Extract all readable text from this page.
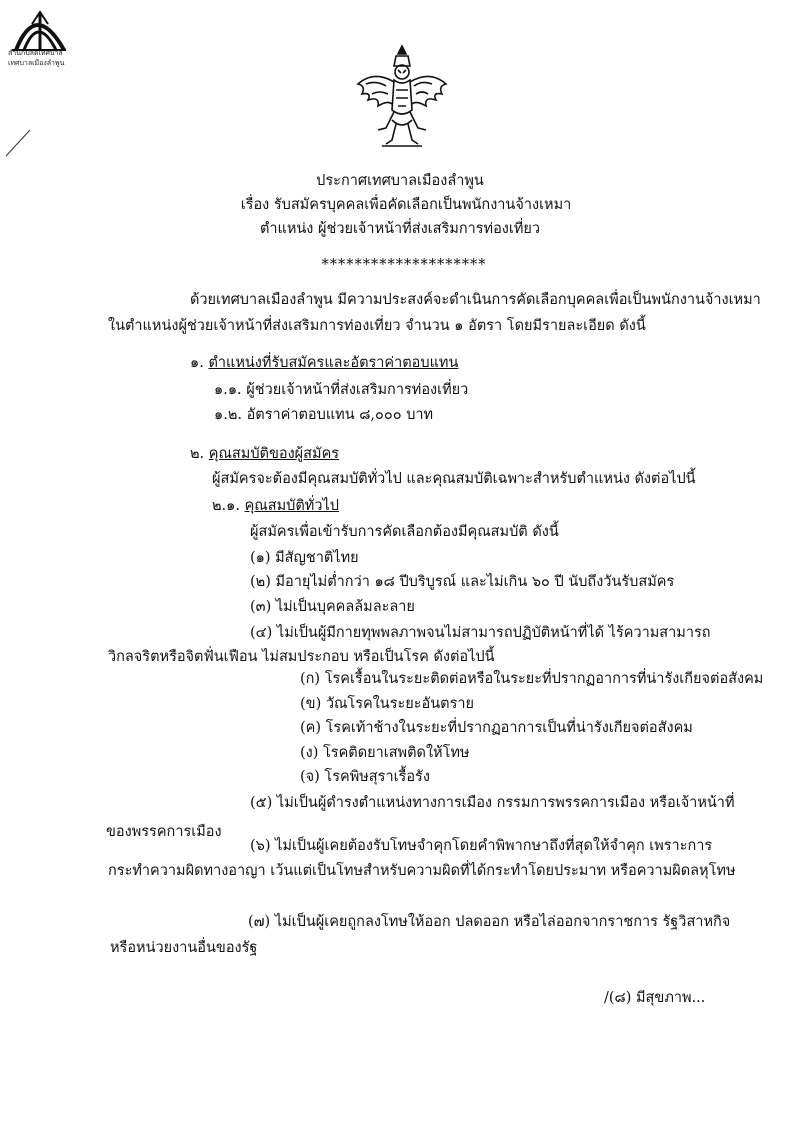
สำนักปลัดเทศบาล
เทศบาลเมืองลำพูน
ประกาศเทศบาลเมืองลำพูน
เรื่อง รับสมัครบุคคลเพื่อคัดเลือกเป็นพนักงานจ้างเหมา
ตำแหน่ง ผู้ช่วยเจ้าหน้าที่ส่งเสริมการท่องเที่ยว
********************
ด้วยเทศบาลเมืองลำพูน มีความประสงค์จะดำเนินการคัดเลือกบุคคลเพื่อเป็นพนักงานจ้างเหมา
ในตำแหน่งผู้ช่วยเจ้าหน้าที่ส่งเสริมการท่องเที่ยว จำนวน ๑ อัตรา โดยมีรายละเอียด ดังนี้
๑. ตำแหน่งที่รับสมัครและอัตราค่าตอบแทน
๑.๑. ผู้ช่วยเจ้าหน้าที่ส่งเสริมการท่องเที่ยว
๑.๒. อัตราค่าตอบแทน ๘,๐๐๐ บาท
๒. คุณสมบัติของผู้สมัคร
ผู้สมัครจะต้องมีคุณสมบัติทั่วไป และคุณสมบัติเฉพาะสำหรับตำแหน่ง ดังต่อไปนี้
๒.๑. คุณสมบัติทั่วไป
ผู้สมัครเพื่อเข้ารับการคัดเลือกต้องมีคุณสมบัติ ดังนี้
(๑) มีสัญชาติไทย
(๒) มีอายุไม่ต่ำกว่า ๑๘ ปีบริบูรณ์ และไม่เกิน ๖๐ ปี นับถึงวันรับสมัคร
(๓) ไม่เป็นบุคคลล้มละลาย
(๔) ไม่เป็นผู้มีกายทุพพลภาพจนไม่สามารถปฏิบัติหน้าที่ได้ ไร้ความสามารถ
วิกลจริตหรือจิตฟั่นเฟือน ไม่สมประกอบ หรือเป็นโรค ดังต่อไปนี้
(ก) โรคเรื้อนในระยะติดต่อหรือในระยะที่ปรากฏอาการที่น่ารังเกียจต่อสังคม
(ข) วัณโรคในระยะอันตราย
(ค) โรคเท้าช้างในระยะที่ปรากฏอาการเป็นที่น่ารังเกียจต่อสังคม
(ง) โรคติดยาเสพติดให้โทษ
(จ) โรคพิษสุราเรื้อรัง
(๕) ไม่เป็นผู้ดำรงตำแหน่งทางการเมือง กรรมการพรรคการเมือง หรือเจ้าหน้าที่
ของพรรคการเมือง
(๖) ไม่เป็นผู้เคยต้องรับโทษจำคุกโดยคำพิพากษาถึงที่สุดให้จำคุก เพราะการ
กระทำความผิดทางอาญา เว้นแต่เป็นโทษสำหรับความผิดที่ได้กระทำโดยประมาท หรือความผิดลหุโทษ
(๗) ไม่เป็นผู้เคยถูกลงโทษให้ออก ปลดออก หรือไล่ออกจากราชการ รัฐวิสาหกิจ
หรือหน่วยงานอื่นของรัฐ
/(๘) มีสุขภาพ...
